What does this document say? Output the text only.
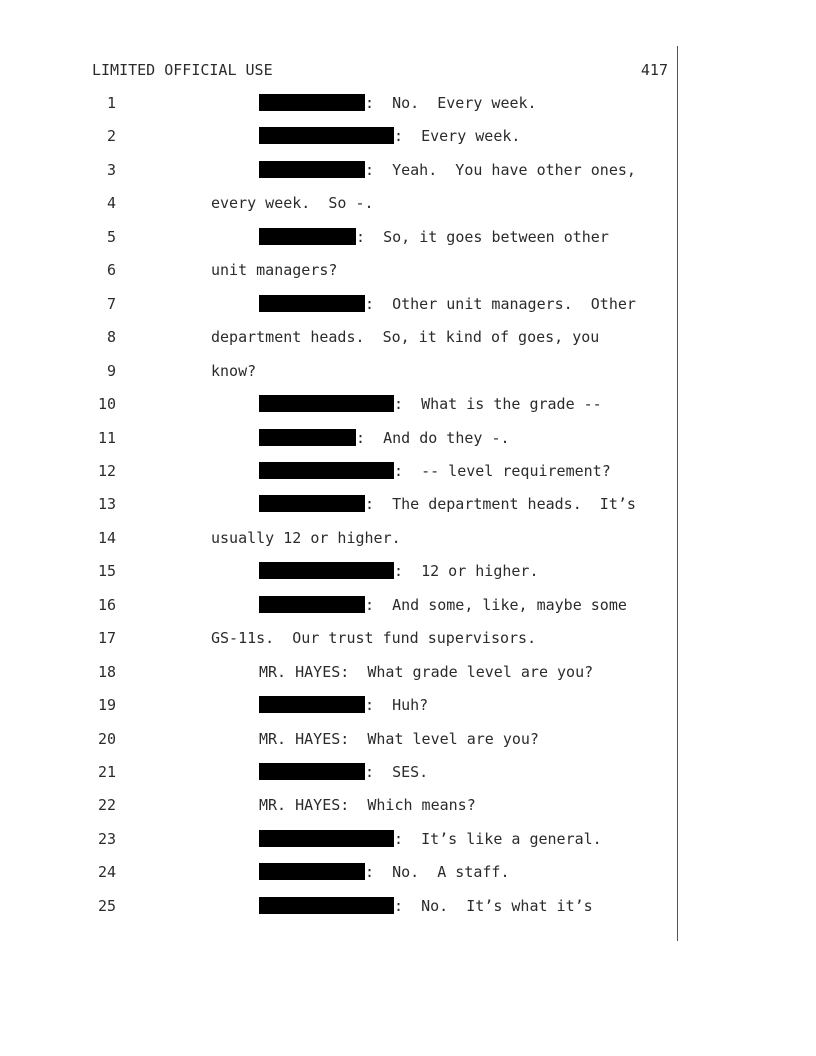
LIMITED OFFICIAL USE	417
1	:  No.  Every week.
2	:  Every week.
3	:  Yeah.  You have other ones,
4	every week.  So -.
5	:  So, it goes between other
6	unit managers?
7	:  Other unit managers.  Other
8	department heads.  So, it kind of goes, you
9	know?
10	:  What is the grade --
11	:  And do they -.
12	:  -- level requirement?
13	:  The department heads.  It’s
14	usually 12 or higher.
15	:  12 or higher.
16	:  And some, like, maybe some
17	GS-11s.  Our trust fund supervisors.
18	MR. HAYES:  What grade level are you?
19	:  Huh?
20	MR. HAYES:  What level are you?
21	:  SES.
22	MR. HAYES:  Which means?
23	:  It’s like a general.
24	:  No.  A staff.
25	:  No.  It’s what it’s
